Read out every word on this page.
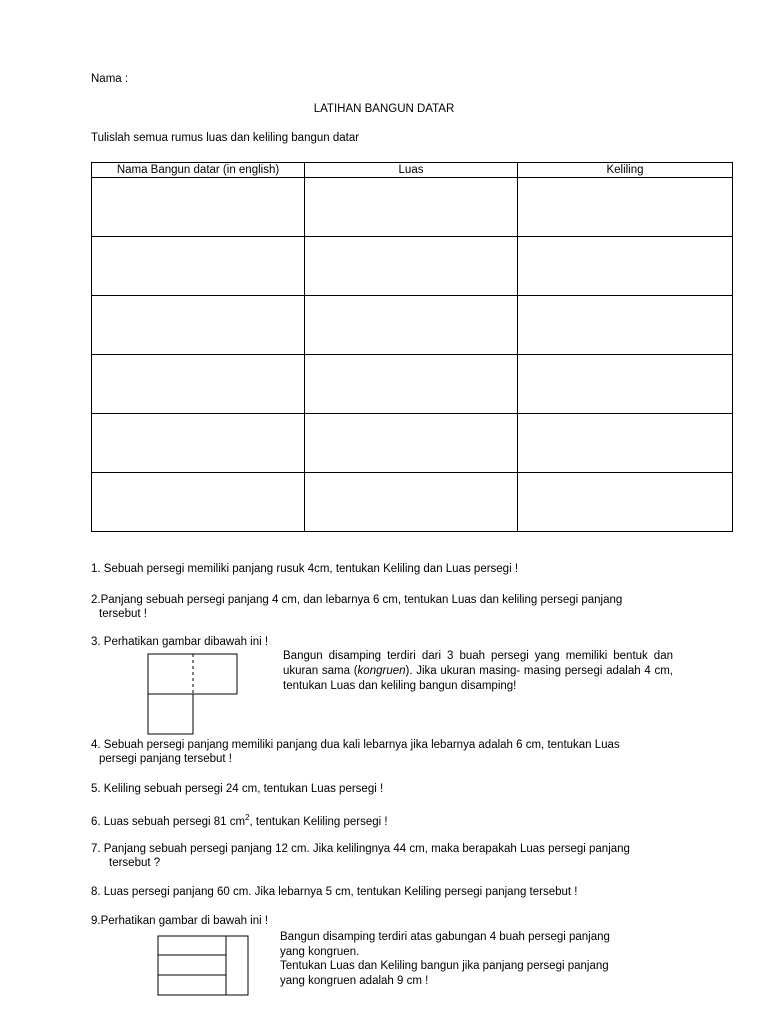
Nama :
LATIHAN BANGUN DATAR
Tulislah semua rumus luas dan keliling bangun datar
Nama Bangun datar (in english)	Luas	Keliling

1. Sebuah persegi memiliki panjang rusuk 4cm, tentukan Keliling dan Luas persegi !
2.Panjang sebuah persegi panjang 4 cm, dan lebarnya 6 cm, tentukan Luas dan keliling persegi panjang
tersebut !
3. Perhatikan gambar dibawah ini !
Bangun disamping terdiri dari 3 buah persegi yang memiliki bentuk dan ukuran sama (kongruen). Jika ukuran masing- masing persegi adalah 4 cm, tentukan Luas dan keliling bangun disamping!
4. Sebuah persegi panjang memiliki panjang dua kali lebarnya jika lebarnya adalah 6 cm, tentukan Luas
persegi panjang tersebut !
5. Keliling sebuah persegi 24 cm, tentukan Luas persegi !
6. Luas sebuah persegi 81 $cm^2$, tentukan Keliling persegi !
7. Panjang sebuah persegi panjang 12 cm. Jika kelilingnya 44 cm, maka berapakah Luas persegi panjang
tersebut ?
8. Luas persegi panjang 60 cm. Jika lebarnya 5 cm, tentukan Keliling persegi panjang tersebut !
9.Perhatikan gambar di bawah ini !
Bangun disamping terdiri atas gabungan 4 buah persegi panjang
yang kongruen.
Tentukan Luas dan Keliling bangun jika panjang persegi panjang
yang kongruen adalah 9 cm !
